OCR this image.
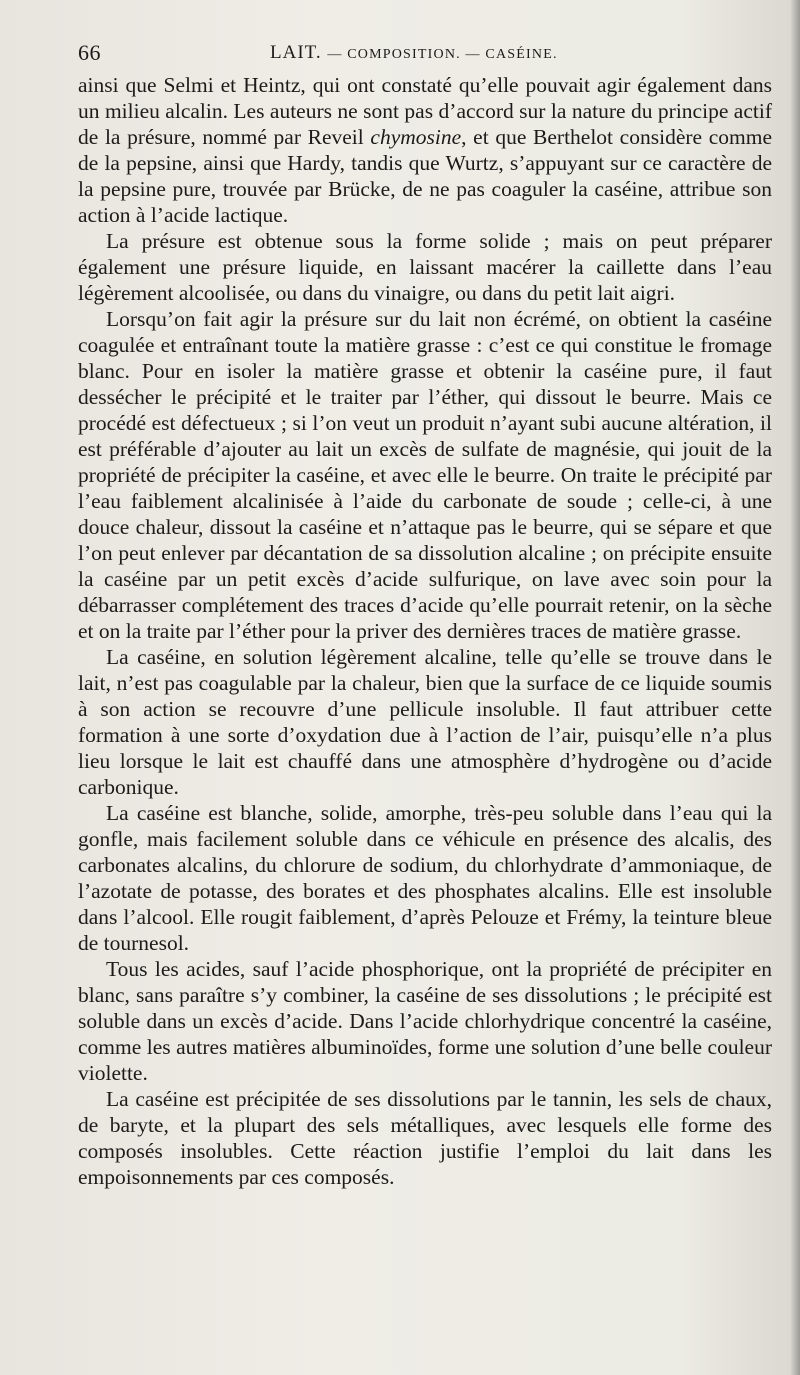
66	LAIT. — COMPOSITION. — CASÉINE.

ainsi que Selmi et Heintz, qui ont constaté qu’elle pouvait agir également dans un milieu alcalin. Les auteurs ne sont pas d’accord sur la nature du principe actif de la présure, nommé par Reveil chymosine, et que Berthelot considère comme de la pepsine, ainsi que Hardy, tandis que Wurtz, s’appuyant sur ce caractère de la pepsine pure, trouvée par Brücke, de ne pas coaguler la caséine, attribue son action à l’acide lactique.

La présure est obtenue sous la forme solide ; mais on peut préparer également une présure liquide, en laissant macérer la caillette dans l’eau légèrement alcoolisée, ou dans du vinaigre, ou dans du petit lait aigri.

Lorsqu’on fait agir la présure sur du lait non écrémé, on obtient la caséine coagulée et entraînant toute la matière grasse : c’est ce qui constitue le fromage blanc. Pour en isoler la matière grasse et obtenir la caséine pure, il faut dessécher le précipité et le traiter par l’éther, qui dissout le beurre. Mais ce procédé est défectueux ; si l’on veut un produit n’ayant subi aucune altération, il est préférable d’ajouter au lait un excès de sulfate de magnésie, qui jouit de la propriété de précipiter la caséine, et avec elle le beurre. On traite le précipité par l’eau faiblement alcalinisée à l’aide du carbonate de soude ; celle-ci, à une douce chaleur, dissout la caséine et n’attaque pas le beurre, qui se sépare et que l’on peut enlever par décantation de sa dissolution alcaline ; on précipite ensuite la caséine par un petit excès d’acide sulfurique, on lave avec soin pour la débarrasser complétement des traces d’acide qu’elle pourrait retenir, on la sèche et on la traite par l’éther pour la priver des dernières traces de matière grasse.

La caséine, en solution légèrement alcaline, telle qu’elle se trouve dans le lait, n’est pas coagulable par la chaleur, bien que la surface de ce liquide soumis à son action se recouvre d’une pellicule insoluble. Il faut attribuer cette formation à une sorte d’oxydation due à l’action de l’air, puisqu’elle n’a plus lieu lorsque le lait est chauffé dans une atmosphère d’hydrogène ou d’acide carbonique.

La caséine est blanche, solide, amorphe, très-peu soluble dans l’eau qui la gonfle, mais facilement soluble dans ce véhicule en présence des alcalis, des carbonates alcalins, du chlorure de sodium, du chlorhydrate d’ammoniaque, de l’azotate de potasse, des borates et des phosphates alcalins. Elle est insoluble dans l’alcool. Elle rougit faiblement, d’après Pelouze et Frémy, la teinture bleue de tournesol.

Tous les acides, sauf l’acide phosphorique, ont la propriété de précipiter en blanc, sans paraître s’y combiner, la caséine de ses dissolutions ; le précipité est soluble dans un excès d’acide. Dans l’acide chlorhydrique concentré la caséine, comme les autres matières albuminoïdes, forme une solution d’une belle couleur violette.

La caséine est précipitée de ses dissolutions par le tannin, les sels de chaux, de baryte, et la plupart des sels métalliques, avec lesquels elle forme des composés insolubles. Cette réaction justifie l’emploi du lait dans les empoisonnements par ces composés.
